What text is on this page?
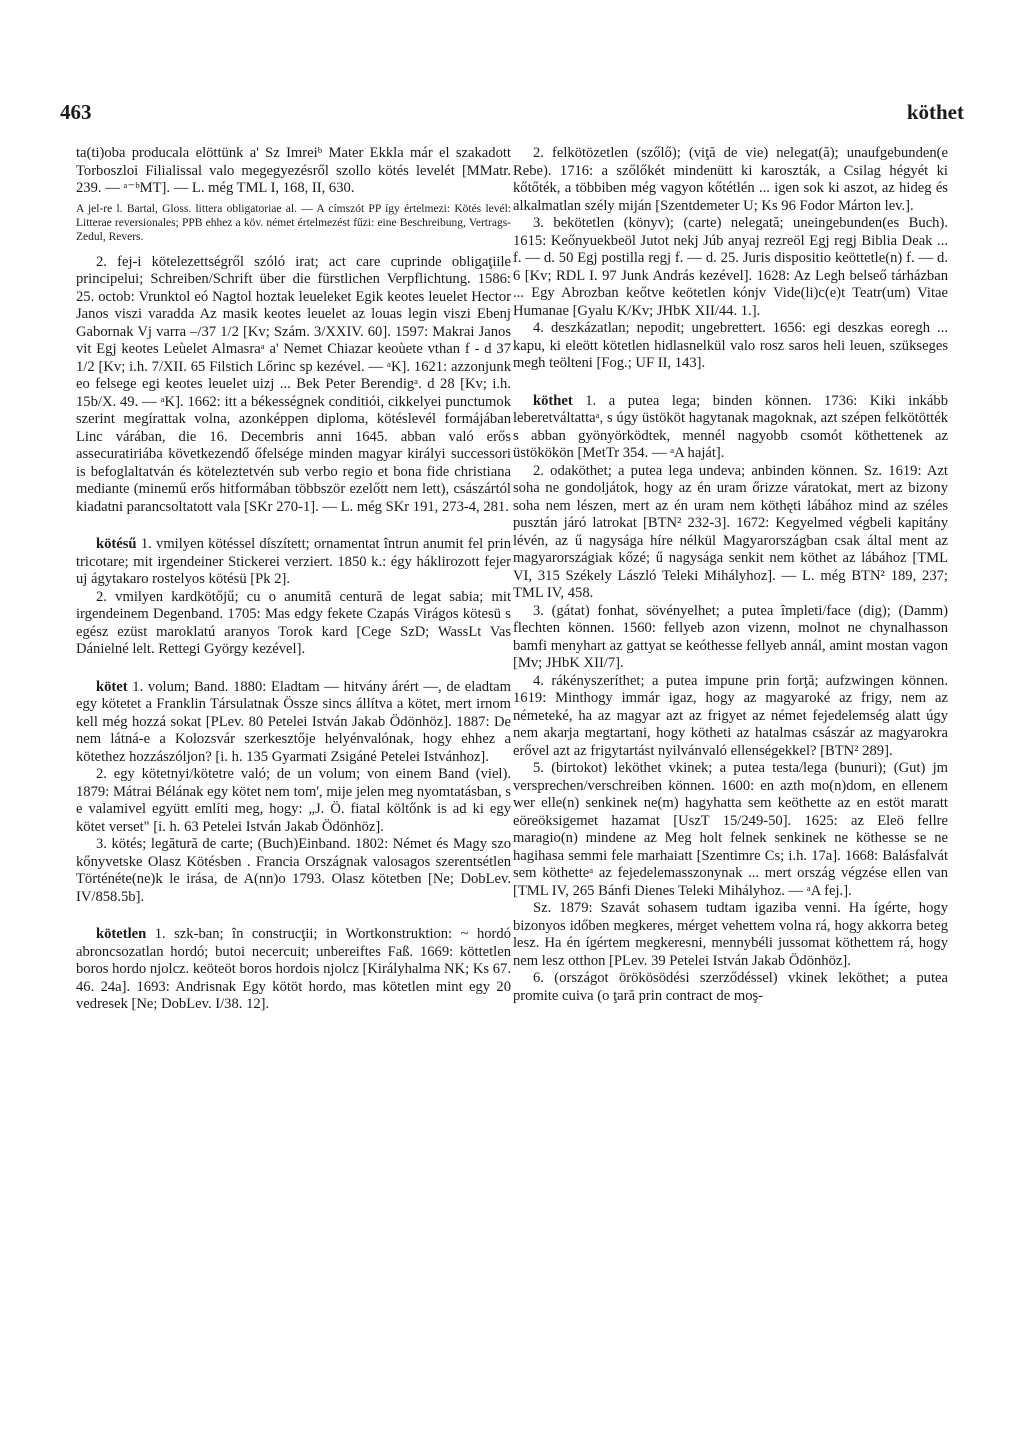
463	köthet

ta(ti)oba producala elöttünk a' Sz Imreiᵇ Mater Ekkla már el szakadott Torboszloi Filialissal valo megegyezésről szollo kötés levelét [MMatr. 239. — ᵃ⁻ᵇMT]. — L. még TML I, 168, II, 630.

A jel-re l. Bartal, Gloss. littera obligatoriae al. — A címszót PP így értelmezi: Kötés levél: Litterae reversionales; PPB ehhez a köv. német értelmezést fűzi: eine Beschreibung, Vertrags-Zedul, Revers.

2. fej-i kötelezettségről szóló irat; act care cuprinde obligaţiile principelui; Schreiben/Schrift über die fürstlichen Verpflichtung. 1586: 25. octob: Vrunktol eó Nagtol hoztak leueleket Egik keotes leuelet Hector Janos viszi varadda Az masik keotes leuelet az louas legin viszi Ebenj Gabornak Vj varra –/37 1/2 [Kv; Szám. 3/XXIV. 60]. 1597: Makrai Janos vit Egj keotes Leùelet Almasraᵃ a' Nemet Chiazar keoùete vthan f - d 37 1/2 [Kv; i.h. 7/XII. 65 Filstich Lőrinc sp kezével. — ᵃK]. 1621: azzonjunk eo felsege egi keotes leuelet uizj ... Bek Peter Berendigᵃ. d 28 [Kv; i.h. 15b/X. 49. — ᵃK]. 1662: itt a békességnek conditiói, cikkelyei punctumok szerint megírattak volna, azonképpen diploma, kötéslevél formájában Linc várában, die 16. Decembris anni 1645. abban való erős assecuratiriába következendő őfelsége minden magyar királyi successori is befoglaltatván és köteleztetvén sub verbo regio et bona fide christiana mediante (minemű erős hitformában többször ezelőtt nem lett), császártól kiadatni parancsoltatott vala [SKr 270-1]. — L. még SKr 191, 273-4, 281.

kötésű 1. vmilyen kötéssel díszített; ornamentat întrun anumit fel prin tricotare; mit irgendeiner Stickerei verziert. 1850 k.: égy háklirozott fejer uj ágytakaro rostelyos kötésü [Pk 2].

2. vmilyen kardkötőjű; cu o anumită centură de legat sabia; mit irgendeinem Degenband. 1705: Mas edgy fekete Czapás Virágos kötesü s egész ezüst maroklatú aranyos Torok kard [Cege SzD; WassLt Vas Dánielné lelt. Rettegi György kezével].

kötet 1. volum; Band. 1880: Eladtam — hitvány árért —, de eladtam egy kötetet a Franklin Társulatnak Össze sincs állítva a kötet, mert irnom kell még hozzá sokat [PLev. 80 Petelei István Jakab Ödönhöz]. 1887: De nem látná-e a Kolozsvár szerkesztője helyénvalónak, hogy ehhez a kötethez hozzászóljon? [i. h. 135 Gyarmati Zsigáné Petelei Istvánhoz].

2. egy kötetnyi/kötetre való; de un volum; von einem Band (viel). 1879: Mátrai Bélának egy kötet nem tom', mije jelen meg nyomtatásban, s e valamivel együtt említi meg, hogy: „J. Ö. fiatal költőnk is ad ki egy kötet verset" [i. h. 63 Petelei István Jakab Ödönhöz].

3. kötés; legătură de carte; (Buch)Einband. 1802: Német és Magy szo kőnyvetske Olasz Kötésben . Francia Országnak valosagos szerentsétlen Történéte(ne)k le irása, de A(nn)o 1793. Olasz kötetben [Ne; DobLev. IV/858.5b].

kötetlen 1. szk-ban; în construcţii; in Wortkonstruktion: ~ hordó abroncsozatlan hordó; butoi necercuit; unbereiftes Faß. 1669: köttetlen boros hordo njolcz. keöteöt boros hordois njolcz [Királyhalma NK; Ks 67. 46. 24a]. 1693: Andrisnak Egy kötöt hordo, mas kötetlen mint egy 20 vedresek [Ne; DobLev. I/38. 12].

2. felkötözetlen (szőlő); (viţă de vie) nelegat(ă); unaufgebunden(e Rebe). 1716: a szőlőkét mindenütt ki karoszták, a Csilag hégyét ki kőtőték, a többiben még vagyon kőtétlén ... igen sok ki aszot, az hideg és alkalmatlan szély miján [Szentdemeter U; Ks 96 Fodor Márton lev.].

3. bekötetlen (könyv); (carte) nelegată; uneingebunden(es Buch). 1615: Keőnyuekbeöl Jutot nekj Júb anyaj rezreöl Egj regj Biblia Deak ... f. — d. 50 Egj postilla regj f. — d. 25. Juris dispositio keöttetle(n) f. — d. 6 [Kv; RDL I. 97 Junk András kezével]. 1628: Az Legh belseő tárházban ... Egy Abrozban keőtve keötetlen kónjv Vide(li)c(e)t Teatr(um) Vitae Humanae [Gyalu K/Kv; JHbK XII/44. 1.].

4. deszkázatlan; nepodit; ungebrettert. 1656: egi deszkas eoregh ... kapu, ki eleött kötetlen hidlasnelkül valo rosz saros heli leuen, szükseges megh teölteni [Fog.; UF II, 143].

köthet 1. a putea lega; binden können. 1736: Kiki inkább leberetváltattaᵃ, s úgy üstököt hagytanak magoknak, azt szépen felkötötték s abban gyönyörködtek, mennél nagyobb csomót köthettenek az üstökökön [MetTr 354. — ᵃA haját].

2. odaköthet; a putea lega undeva; anbinden können. Sz. 1619: Azt soha ne gondoljátok, hogy az én uram őrizze váratokat, mert az bizony soha nem lészen, mert az én uram nem köthęti lábához mind az széles pusztán járó latrokat [BTN² 232-3]. 1672: Kegyelmed végbeli kapitány lévén, az ű nagysága híre nélkül Magyarországban csak által ment az magyarországiak kőzé; ű nagysága senkit nem köthet az lábához [TML VI, 315 Székely László Teleki Mihályhoz]. — L. még BTN² 189, 237; TML IV, 458.

3. (gátat) fonhat, sövényelhet; a putea împleti/face (dig); (Damm) flechten können. 1560: fellyeb azon vizenn, molnot ne chynalhasson bamfi menyhart az gattyat se keóthesse fellyeb annál, amint mostan vagon [Mv; JHbK XII/7].

4. rákényszeríthet; a putea impune prin forţă; aufzwingen können. 1619: Minthogy immár igaz, hogy az magyaroké az frigy, nem az németeké, ha az magyar azt az frigyet az német fejedelemség alatt úgy nem akarja megtartani, hogy kötheti az hatalmas császár az magyarokra erővel azt az frigytartást nyilvánvaló ellenségekkel? [BTN² 289].

5. (birtokot) leköthet vkinek; a putea testa/lega (bunuri); (Gut) jm versprechen/verschreiben können. 1600: en azth mo(n)dom, en ellenem wer elle(n) senkinek ne(m) hagyhatta sem keöthette az en estöt maratt eöreöksigemet hazamat [UszT 15/249-50]. 1625: az Eleö fellre maragio(n) mindene az Meg holt felnek senkinek ne köthesse se ne hagihasa semmi fele marhaiatt [Szentimre Cs; i.h. 17a]. 1668: Balásfalvát sem köthetteᵃ az fejedelemasszonynak ... mert ország végzése ellen van [TML IV, 265 Bánfi Dienes Teleki Mihályhoz. — ᵃA fej.].

Sz. 1879: Szavát sohasem tudtam igaziba venni. Ha ígérte, hogy bizonyos időben megkeres, mérget vehettem volna rá, hogy akkorra beteg lesz. Ha én ígértem megkeresni, mennybéli jussomat köthettem rá, hogy nem lesz otthon [PLev. 39 Petelei István Jakab Ödönhöz].

6. (országot örökösödési szerződéssel) vkinek leköthet; a putea promite cuiva (o ţară prin contract de moş-
